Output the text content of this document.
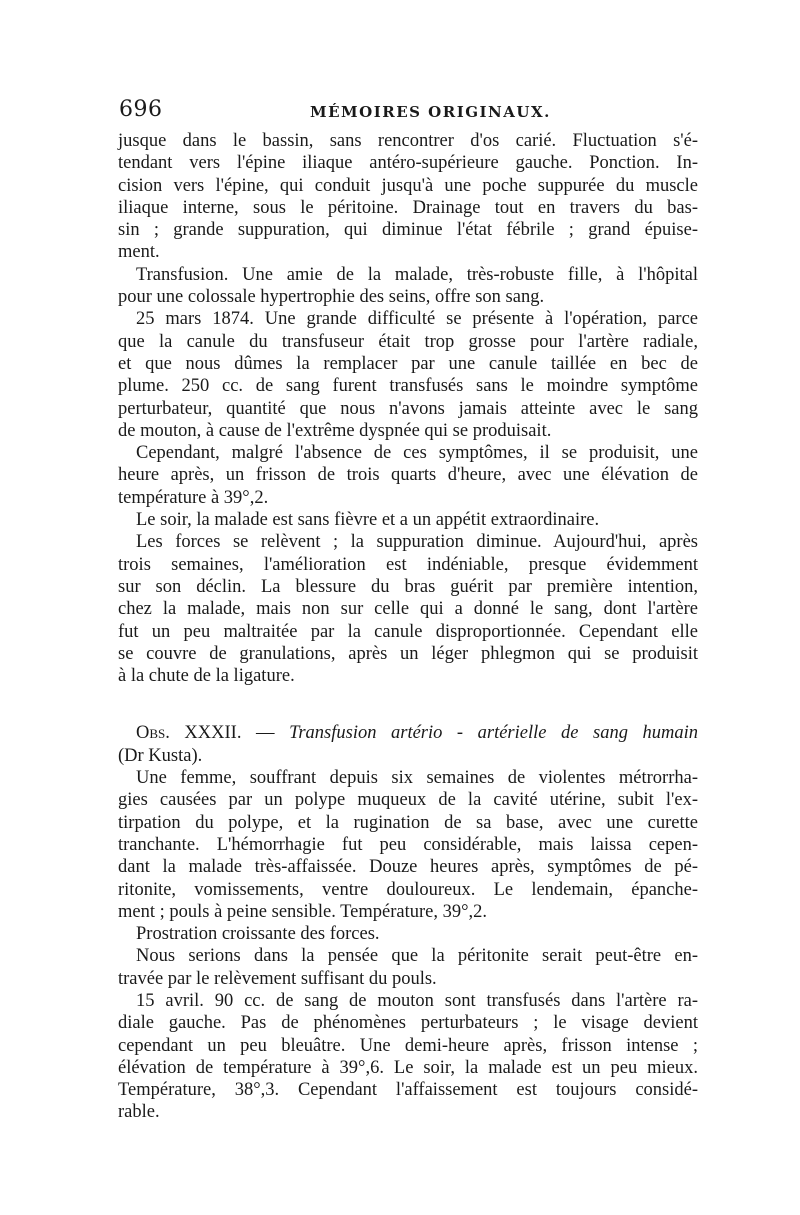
696	MÉMOIRES ORIGINAUX.
jusque dans le bassin, sans rencontrer d'os carié. Fluctuation s'é-
tendant vers l'épine iliaque antéro-supérieure gauche. Ponction. In-
cision vers l'épine, qui conduit jusqu'à une poche suppurée du muscle
iliaque interne, sous le péritoine. Drainage tout en travers du bas-
sin ; grande suppuration, qui diminue l'état fébrile ; grand épuise-
ment.
Transfusion. Une amie de la malade, très-robuste fille, à l'hôpital
pour une colossale hypertrophie des seins, offre son sang.
25 mars 1874. Une grande difficulté se présente à l'opération, parce
que la canule du transfuseur était trop grosse pour l'artère radiale,
et que nous dûmes la remplacer par une canule taillée en bec de
plume. 250 cc. de sang furent transfusés sans le moindre symptôme
perturbateur, quantité que nous n'avons jamais atteinte avec le sang
de mouton, à cause de l'extrême dyspnée qui se produisait.
Cependant, malgré l'absence de ces symptômes, il se produisit, une
heure après, un frisson de trois quarts d'heure, avec une élévation de
température à 39°,2.
Le soir, la malade est sans fièvre et a un appétit extraordinaire.
Les forces se relèvent ; la suppuration diminue. Aujourd'hui, après
trois semaines, l'amélioration est indéniable, presque évidemment
sur son déclin. La blessure du bras guérit par première intention,
chez la malade, mais non sur celle qui a donné le sang, dont l'artère
fut un peu maltraitée par la canule disproportionnée. Cependant elle
se couvre de granulations, après un léger phlegmon qui se produisit
à la chute de la ligature.
Obs. XXXII. — Transfusion artério - artérielle de sang humain
(Dr Kusta).
Une femme, souffrant depuis six semaines de violentes métrorrha-
gies causées par un polype muqueux de la cavité utérine, subit l'ex-
tirpation du polype, et la rugination de sa base, avec une curette
tranchante. L'hémorrhagie fut peu considérable, mais laissa cepen-
dant la malade très-affaissée. Douze heures après, symptômes de pé-
ritonite, vomissements, ventre douloureux. Le lendemain, épanche-
ment ; pouls à peine sensible. Température, 39°,2.
Prostration croissante des forces.
Nous serions dans la pensée que la péritonite serait peut-être en-
travée par le relèvement suffisant du pouls.
15 avril. 90 cc. de sang de mouton sont transfusés dans l'artère ra-
diale gauche. Pas de phénomènes perturbateurs ; le visage devient
cependant un peu bleuâtre. Une demi-heure après, frisson intense ;
élévation de température à 39°,6. Le soir, la malade est un peu mieux.
Température, 38°,3. Cependant l'affaissement est toujours considé-
rable.
